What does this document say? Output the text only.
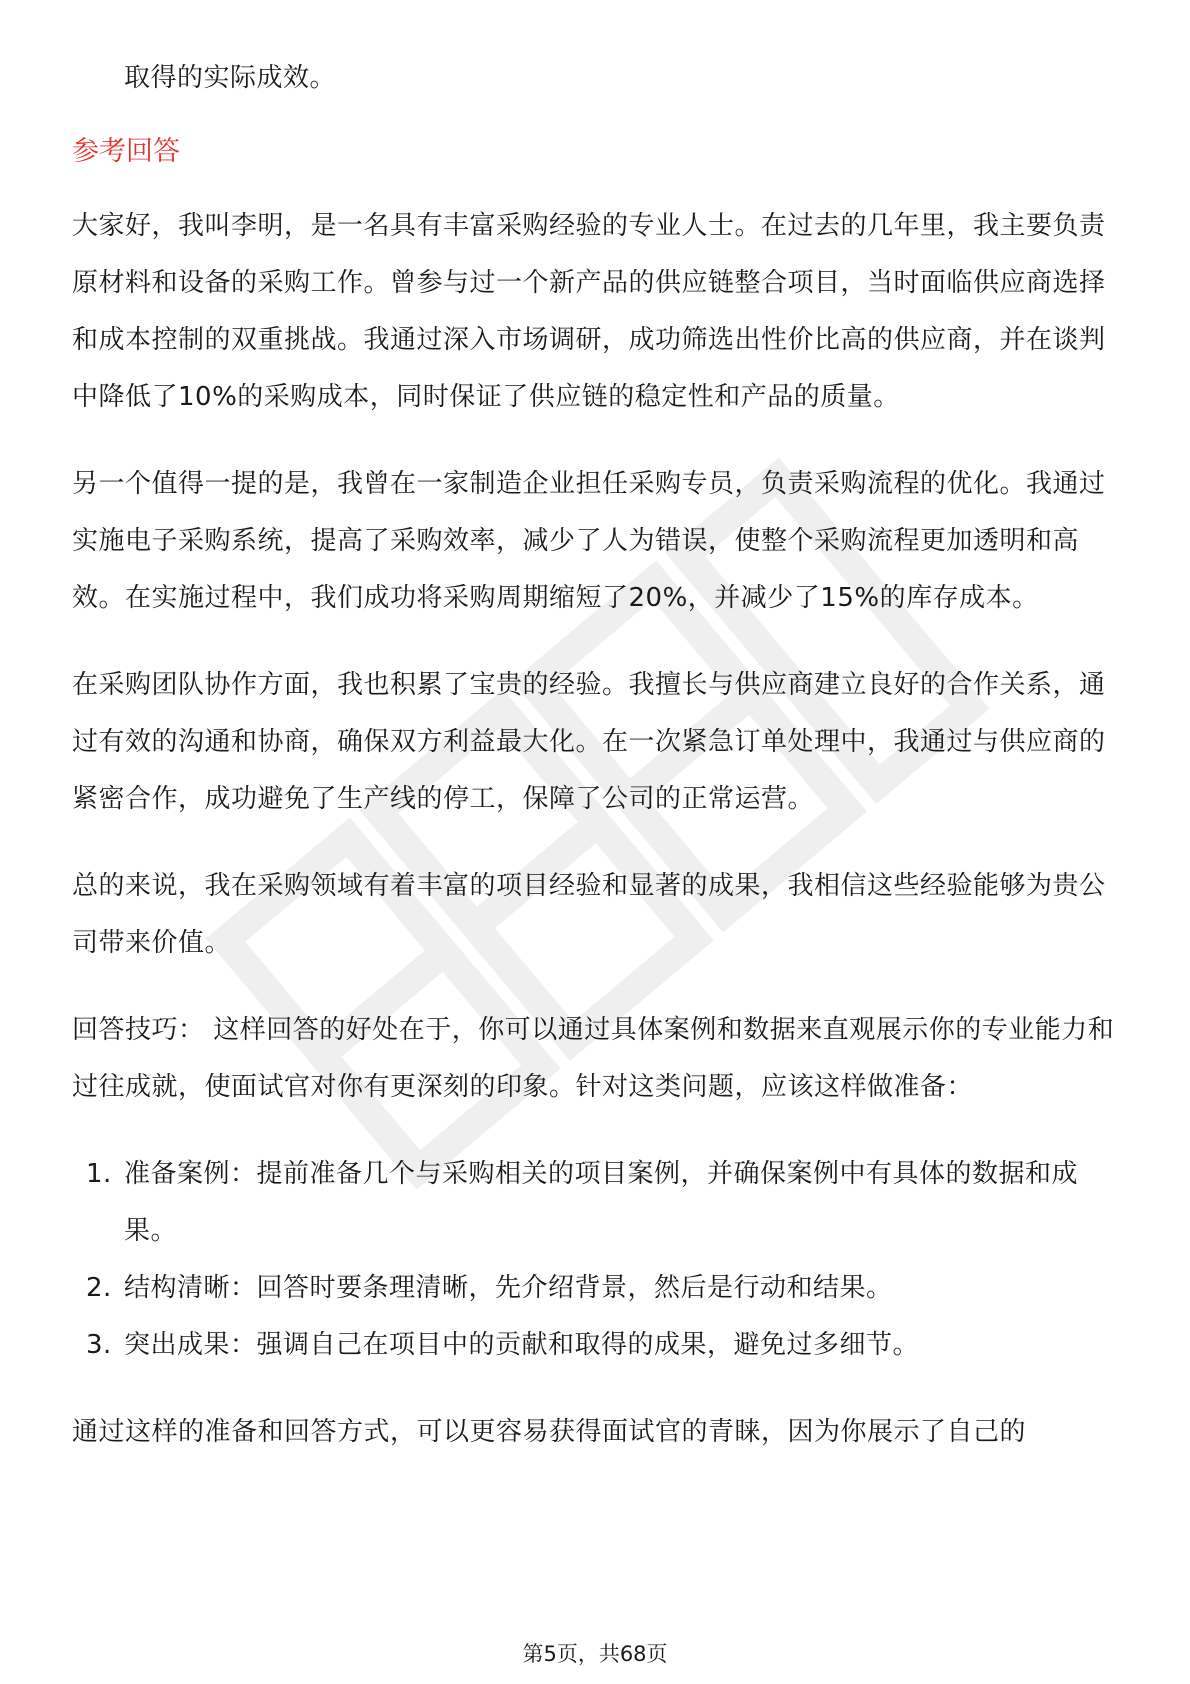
取得的实际成效。

参考回答

大家好，我叫李明，是一名具有丰富采购经验的专业人士。在过去的几年里，我主要负责原材料和设备的采购工作。曾参与过一个新产品的供应链整合项目，当时面临供应商选择和成本控制的双重挑战。我通过深入市场调研，成功筛选出性价比高的供应商，并在谈判中降低了10%的采购成本，同时保证了供应链的稳定性和产品的质量。

另一个值得一提的是，我曾在一家制造企业担任采购专员，负责采购流程的优化。我通过实施电子采购系统，提高了采购效率，减少了人为错误，使整个采购流程更加透明和高效。在实施过程中，我们成功将采购周期缩短了20%，并减少了15%的库存成本。

在采购团队协作方面，我也积累了宝贵的经验。我擅长与供应商建立良好的合作关系，通过有效的沟通和协商，确保双方利益最大化。在一次紧急订单处理中，我通过与供应商的紧密合作，成功避免了生产线的停工，保障了公司的正常运营。

总的来说，我在采购领域有着丰富的项目经验和显著的成果，我相信这些经验能够为贵公司带来价值。

回答技巧： 这样回答的好处在于，你可以通过具体案例和数据来直观展示你的专业能力和过往成就，使面试官对你有更深刻的印象。针对这类问题，应该这样做准备：

1. 准备案例：提前准备几个与采购相关的项目案例，并确保案例中有具体的数据和成果。
2. 结构清晰：回答时要条理清晰，先介绍背景，然后是行动和结果。
3. 突出成果：强调自己在项目中的贡献和取得的成果，避免过多细节。

通过这样的准备和回答方式，可以更容易获得面试官的青睐，因为你展示了自己的

第5页，共68页
